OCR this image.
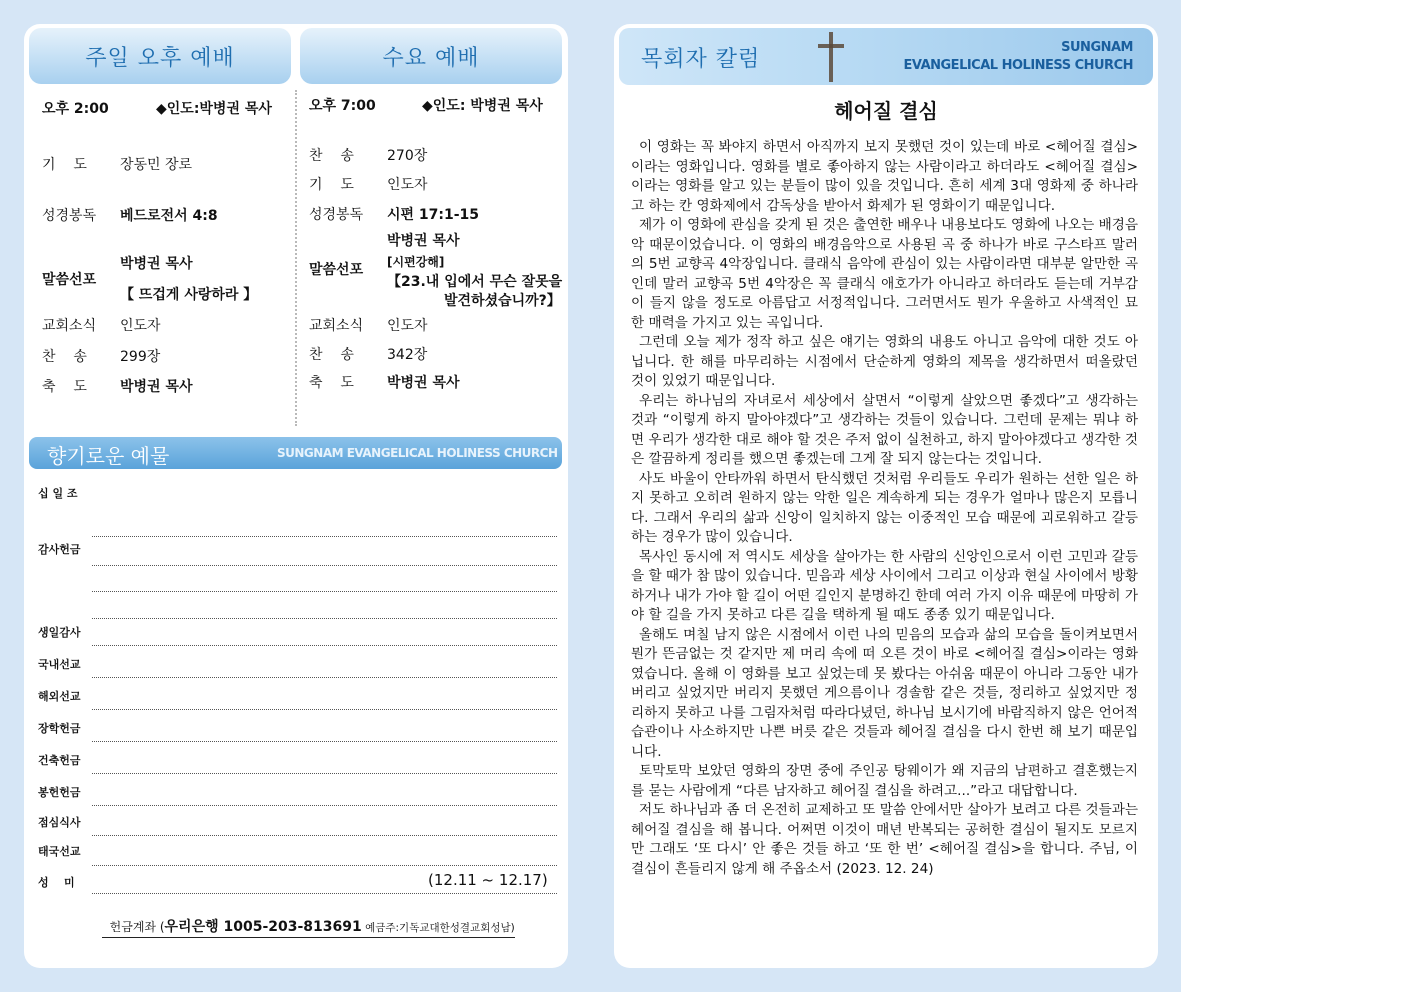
주일 오후 예배	수요 예배
오후 2:00	◆인도:박병권 목사
기    도 장동민 장로
성경봉독 베드로전서 4:8
말씀선포
박병권 목사
【 뜨겁게 사랑하라 】
교회소식 인도자
찬    송 299장
축    도 박병권 목사
오후 7:00	◆인도: 박병권 목사
찬    송 270장
기    도 인도자
성경봉독 시편 17:1-15
말씀선포
박병권 목사
[시편강해]
【23.내 입에서 무슨 잘못을
발견하셨습니까?】
교회소식 인도자
찬    송 342장
축    도 박병권 목사
향기로운 예물	SUNGNAM EVANGELICAL HOLINESS CHURCH
십 일 조
감사헌금
생일감사
국내선교
해외선교
장학헌금
건축헌금
봉헌헌금
점심식사
태국선교
성    미	(12.11 ~ 12.17)

헌금계좌 (우리은행 1005-203-813691 예금주:기독교대한성결교회성남)

목회자 칼럼	SUNGNAM
EVANGELICAL HOLINESS CHURCH
헤어질 결심

이 영화는 꼭 봐야지 하면서 아직까지 보지 못했던 것이 있는데 바로 <헤어질 결심>이라는 영화입니다. 영화를 별로 좋아하지 않는 사람이라고 하더라도 <헤어질 결심>이라는 영화를 알고 있는 분들이 많이 있을 것입니다. 흔히 세계 3대 영화제 중 하나라고 하는 칸 영화제에서 감독상을 받아서 화제가 된 영화이기 때문입니다.

제가 이 영화에 관심을 갖게 된 것은 출연한 배우나 내용보다도 영화에 나오는 배경음악 때문이었습니다. 이 영화의 배경음악으로 사용된 곡 중 하나가 바로 구스타프 말러의 5번 교향곡 4악장입니다. 클래식 음악에 관심이 있는 사람이라면 대부분 알만한 곡인데 말러 교향곡 5번 4악장은 꼭 클래식 애호가가 아니라고 하더라도 듣는데 거부감이 들지 않을 정도로 아름답고 서정적입니다. 그러면서도 뭔가 우울하고 사색적인 묘한 매력을 가지고 있는 곡입니다.

그런데 오늘 제가 정작 하고 싶은 얘기는 영화의 내용도 아니고 음악에 대한 것도 아닙니다. 한 해를 마무리하는 시점에서 단순하게 영화의 제목을 생각하면서 떠올랐던 것이 있었기 때문입니다.

우리는 하나님의 자녀로서 세상에서 살면서 “이렇게 살았으면 좋겠다”고 생각하는 것과 “이렇게 하지 말아야겠다”고 생각하는 것들이 있습니다. 그런데 문제는 뭐냐 하면 우리가 생각한 대로 해야 할 것은 주저 없이 실천하고, 하지 말아야겠다고 생각한 것은 깔끔하게 정리를 했으면 좋겠는데 그게 잘 되지 않는다는 것입니다.

사도 바울이 안타까워 하면서 탄식했던 것처럼 우리들도 우리가 원하는 선한 일은 하지 못하고 오히려 원하지 않는 악한 일은 계속하게 되는 경우가 얼마나 많은지 모릅니다. 그래서 우리의 삶과 신앙이 일치하지 않는 이중적인 모습 때문에 괴로워하고 갈등하는 경우가 많이 있습니다.

목사인 동시에 저 역시도 세상을 살아가는 한 사람의 신앙인으로서 이런 고민과 갈등을 할 때가 참 많이 있습니다. 믿음과 세상 사이에서 그리고 이상과 현실 사이에서 방황하거나 내가 가야 할 길이 어떤 길인지 분명하긴 한데 여러 가지 이유 때문에 마땅히 가야 할 길을 가지 못하고 다른 길을 택하게 될 때도 종종 있기 때문입니다.

올해도 며칠 남지 않은 시점에서 이런 나의 믿음의 모습과 삶의 모습을 돌이켜보면서 뭔가 뜬금없는 것 같지만 제 머리 속에 떠 오른 것이 바로 <헤어질 결심>이라는 영화였습니다. 올해 이 영화를 보고 싶었는데 못 봤다는 아쉬움 때문이 아니라 그동안 내가 버리고 싶었지만 버리지 못했던 게으름이나 경솔함 같은 것들, 정리하고 싶었지만 정리하지 못하고 나를 그림자처럼 따라다녔던, 하나님 보시기에 바람직하지 않은 언어적 습관이나 사소하지만 나쁜 버릇 같은 것들과 헤어질 결심을 다시 한번 해 보기 때문입니다.

토막토막 보았던 영화의 장면 중에 주인공 탕웨이가 왜 지금의 남편하고 결혼했는지를 묻는 사람에게 “다른 남자하고 헤어질 결심을 하려고...”라고 대답합니다.

저도 하나님과 좀 더 온전히 교제하고 또 말씀 안에서만 살아가 보려고 다른 것들과는 헤어질 결심을 해 봅니다. 어쩌면 이것이 매년 반복되는 공허한 결심이 될지도 모르지만 그래도 ‘또 다시’ 안 좋은 것들 하고 ‘또 한 번’ <헤어질 결심>을 합니다. 주님, 이 결심이 흔들리지 않게 해 주옵소서 (2023. 12. 24)
